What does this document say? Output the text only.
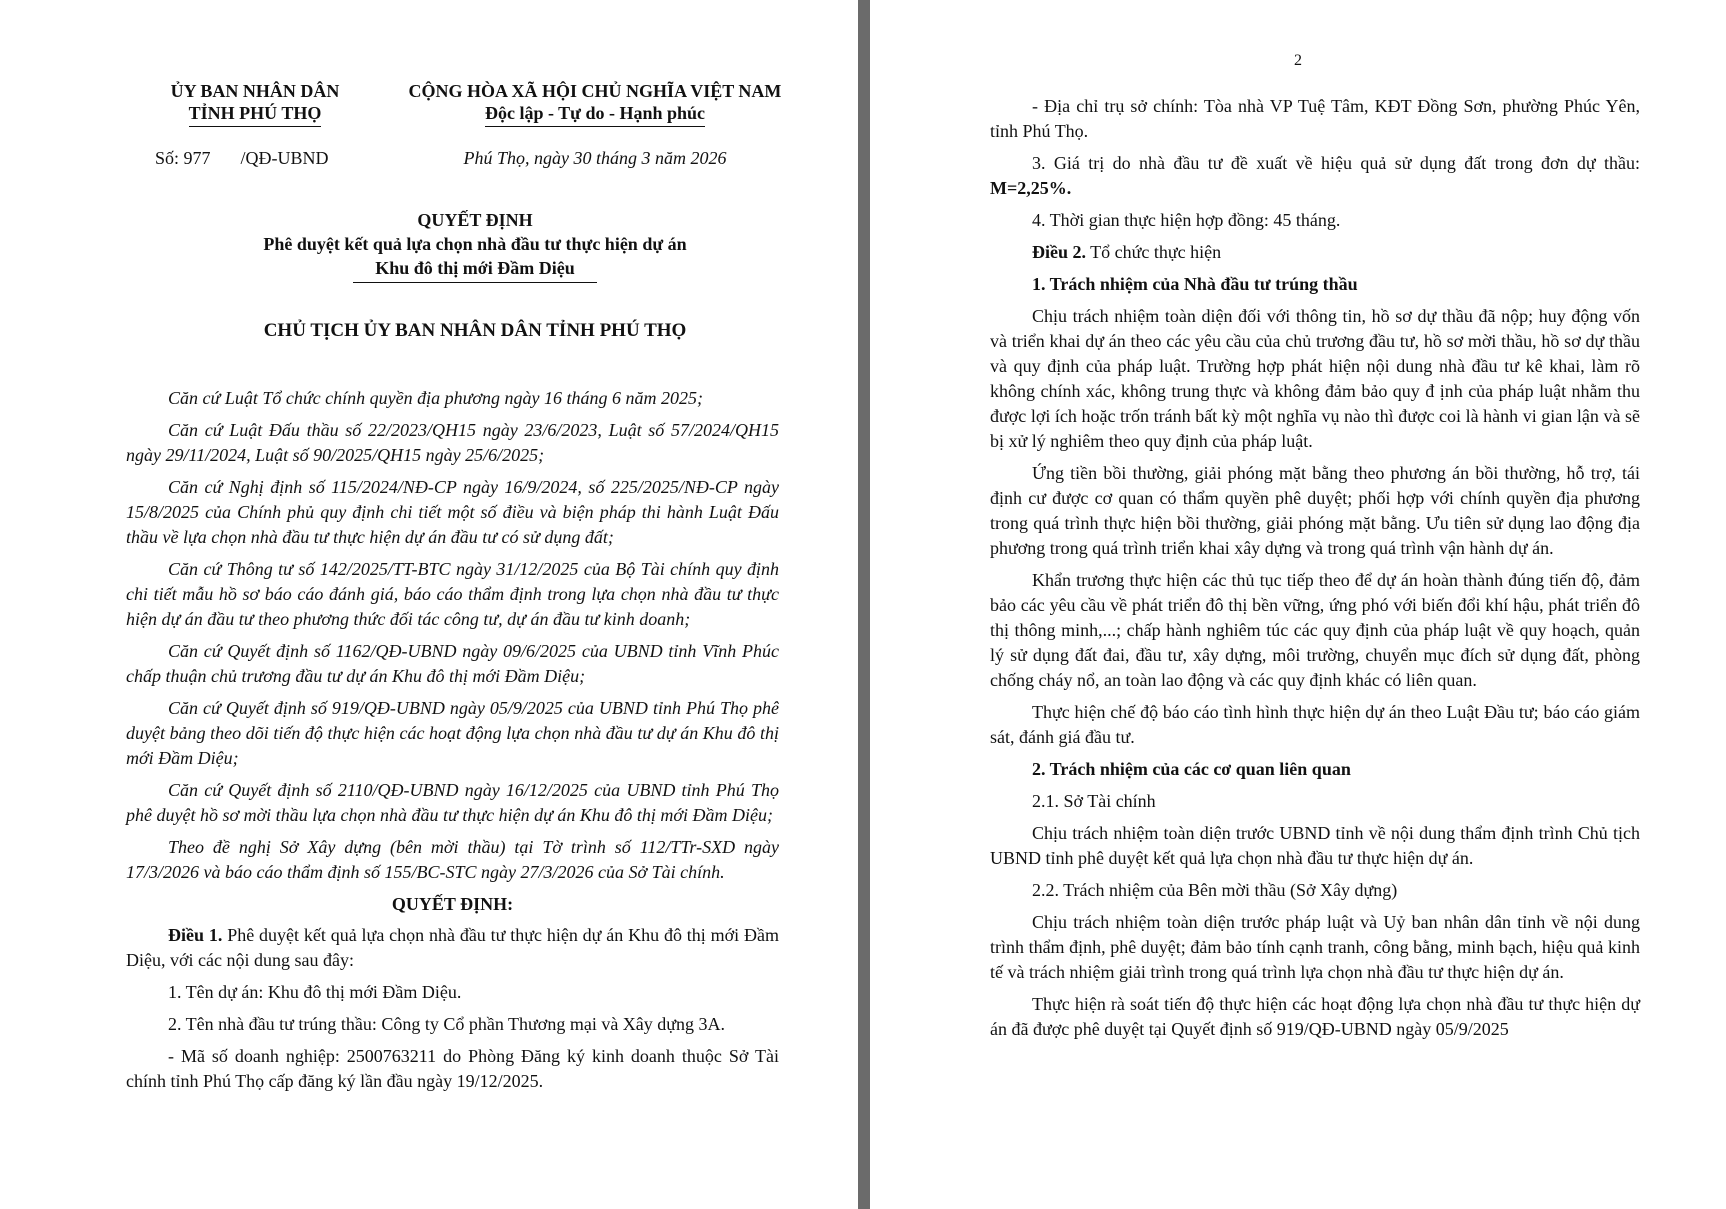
ỦY BAN NHÂN DÂN
TỈNH PHÚ THỌ
CỘNG HÒA XÃ HỘI CHỦ NGHĨA VIỆT NAM
Độc lập - Tự do - Hạnh phúc
Số: 977 /QĐ-UBND	Phú Thọ, ngày 30 tháng 3 năm 2026
QUYẾT ĐỊNH
Phê duyệt kết quả lựa chọn nhà đầu tư thực hiện dự án
Khu đô thị mới Đầm Diệu
CHỦ TỊCH ỦY BAN NHÂN DÂN TỈNH PHÚ THỌ

Căn cứ Luật Tổ chức chính quyền địa phương ngày 16 tháng 6 năm 2025;

Căn cứ Luật Đấu thầu số 22/2023/QH15 ngày 23/6/2023, Luật số 57/2024/QH15 ngày 29/11/2024, Luật số 90/2025/QH15 ngày 25/6/2025;

Căn cứ Nghị định số 115/2024/NĐ-CP ngày 16/9/2024, số 225/2025/NĐ-CP ngày 15/8/2025 của Chính phủ quy định chi tiết một số điều và biện pháp thi hành Luật Đấu thầu về lựa chọn nhà đầu tư thực hiện dự án đầu tư có sử dụng đất;

Căn cứ Thông tư số 142/2025/TT-BTC ngày 31/12/2025 của Bộ Tài chính quy định chi tiết mẫu hồ sơ báo cáo đánh giá, báo cáo thẩm định trong lựa chọn nhà đầu tư thực hiện dự án đầu tư theo phương thức đối tác công tư, dự án đầu tư kinh doanh;

Căn cứ Quyết định số 1162/QĐ-UBND ngày 09/6/2025 của UBND tỉnh Vĩnh Phúc chấp thuận chủ trương đầu tư dự án Khu đô thị mới Đầm Diệu;

Căn cứ Quyết định số 919/QĐ-UBND ngày 05/9/2025 của UBND tỉnh Phú Thọ phê duyệt bảng theo dõi tiến độ thực hiện các hoạt động lựa chọn nhà đầu tư dự án Khu đô thị mới Đầm Diệu;

Căn cứ Quyết định số 2110/QĐ-UBND ngày 16/12/2025 của UBND tỉnh Phú Thọ phê duyệt hồ sơ mời thầu lựa chọn nhà đầu tư thực hiện dự án Khu đô thị mới Đầm Diệu;

Theo đề nghị Sở Xây dựng (bên mời thầu) tại Tờ trình số 112/TTr-SXD ngày 17/3/2026 và báo cáo thẩm định số 155/BC-STC ngày 27/3/2026 của Sở Tài chính.

QUYẾT ĐỊNH:

Điều 1. Phê duyệt kết quả lựa chọn nhà đầu tư thực hiện dự án Khu đô thị mới Đầm Diệu, với các nội dung sau đây:

1. Tên dự án: Khu đô thị mới Đầm Diệu.

2. Tên nhà đầu tư trúng thầu: Công ty Cổ phần Thương mại và Xây dựng 3A.

- Mã số doanh nghiệp: 2500763211 do Phòng Đăng ký kinh doanh thuộc Sở Tài chính tỉnh Phú Thọ cấp đăng ký lần đầu ngày 19/12/2025.

2

- Địa chỉ trụ sở chính: Tòa nhà VP Tuệ Tâm, KĐT Đồng Sơn, phường Phúc Yên, tỉnh Phú Thọ.

3. Giá trị do nhà đầu tư đề xuất về hiệu quả sử dụng đất trong đơn dự thầu: M=2,25%.

4. Thời gian thực hiện hợp đồng: 45 tháng.

Điều 2. Tổ chức thực hiện

1. Trách nhiệm của Nhà đầu tư trúng thầu

Chịu trách nhiệm toàn diện đối với thông tin, hồ sơ dự thầu đã nộp; huy động vốn và triển khai dự án theo các yêu cầu của chủ trương đầu tư, hồ sơ mời thầu, hồ sơ dự thầu và quy định của pháp luật. Trường hợp phát hiện nội dung nhà đầu tư kê khai, làm rõ không chính xác, không trung thực và không đảm bảo quy đ ịnh của pháp luật nhằm thu được lợi ích hoặc trốn tránh bất kỳ một nghĩa vụ nào thì được coi là hành vi gian lận và sẽ bị xử lý nghiêm theo quy định của pháp luật.

Ứng tiền bồi thường, giải phóng mặt bằng theo phương án bồi thường, hỗ trợ, tái định cư được cơ quan có thẩm quyền phê duyệt; phối hợp với chính quyền địa phương trong quá trình thực hiện bồi thường, giải phóng mặt bằng. Ưu tiên sử dụng lao động địa phương trong quá trình triển khai xây dựng và trong quá trình vận hành dự án.

Khẩn trương thực hiện các thủ tục tiếp theo để dự án hoàn thành đúng tiến độ, đảm bảo các yêu cầu về phát triển đô thị bền vững, ứng phó với biến đổi khí hậu, phát triển đô thị thông minh,...; chấp hành nghiêm túc các quy định của pháp luật về quy hoạch, quản lý sử dụng đất đai, đầu tư, xây dựng, môi trường, chuyển mục đích sử dụng đất, phòng chống cháy nổ, an toàn lao động và các quy định khác có liên quan.

Thực hiện chế độ báo cáo tình hình thực hiện dự án theo Luật Đầu tư; báo cáo giám sát, đánh giá đầu tư.

2. Trách nhiệm của các cơ quan liên quan

2.1. Sở Tài chính

Chịu trách nhiệm toàn diện trước UBND tỉnh về nội dung thẩm định trình Chủ tịch UBND tỉnh phê duyệt kết quả lựa chọn nhà đầu tư thực hiện dự án.

2.2. Trách nhiệm của Bên mời thầu (Sở Xây dựng)

Chịu trách nhiệm toàn diện trước pháp luật và Uỷ ban nhân dân tỉnh về nội dung trình thẩm định, phê duyệt; đảm bảo tính cạnh tranh, công bằng, minh bạch, hiệu quả kinh tế và trách nhiệm giải trình trong quá trình lựa chọn nhà đầu tư thực hiện dự án.

Thực hiện rà soát tiến độ thực hiện các hoạt động lựa chọn nhà đầu tư thực hiện dự án đã được phê duyệt tại Quyết định số 919/QĐ-UBND ngày 05/9/2025
